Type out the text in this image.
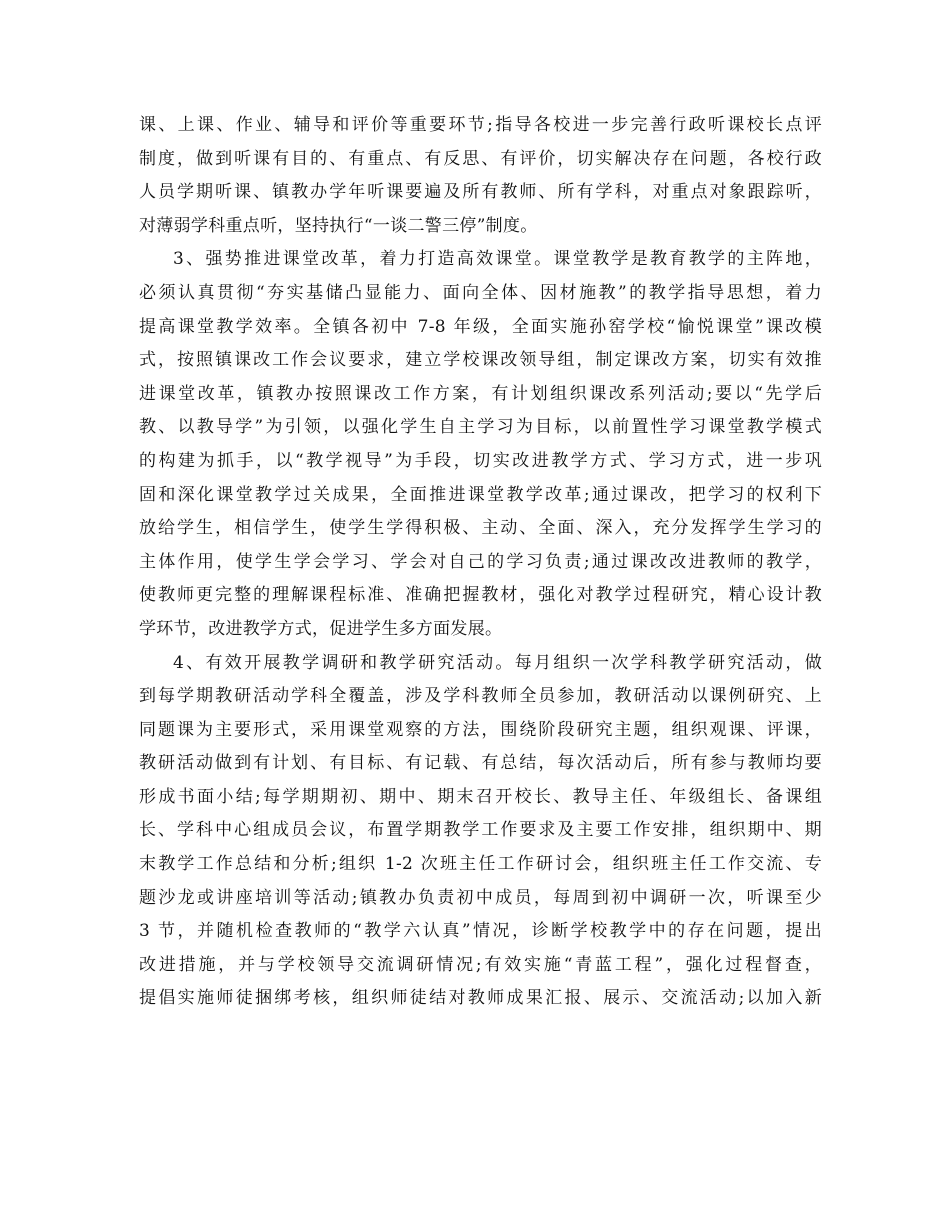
课、上课、作业、辅导和评价等重要环节;指导各校进一步完善行政听课校长点评
制度，做到听课有目的、有重点、有反思、有评价，切实解决存在问题，各校行政
人员学期听课、镇教办学年听课要遍及所有教师、所有学科，对重点对象跟踪听，
对薄弱学科重点听，坚持执行“一谈二警三停”制度。
3、强势推进课堂改革，着力打造高效课堂。课堂教学是教育教学的主阵地，
必须认真贯彻“夯实基储凸显能力、面向全体、因材施教”的教学指导思想，着力
提高课堂教学效率。全镇各初中 7-8 年级，全面实施孙窑学校“愉悦课堂”课改模
式，按照镇课改工作会议要求，建立学校课改领导组，制定课改方案，切实有效推
进课堂改革，镇教办按照课改工作方案，有计划组织课改系列活动;要以“先学后
教、以教导学”为引领，以强化学生自主学习为目标，以前置性学习课堂教学模式
的构建为抓手，以“教学视导”为手段，切实改进教学方式、学习方式，进一步巩
固和深化课堂教学过关成果，全面推进课堂教学改革;通过课改，把学习的权利下
放给学生，相信学生，使学生学得积极、主动、全面、深入，充分发挥学生学习的
主体作用，使学生学会学习、学会对自己的学习负责;通过课改改进教师的教学，
使教师更完整的理解课程标准、准确把握教材，强化对教学过程研究，精心设计教
学环节，改进教学方式，促进学生多方面发展。
4、有效开展教学调研和教学研究活动。每月组织一次学科教学研究活动，做
到每学期教研活动学科全覆盖，涉及学科教师全员参加，教研活动以课例研究、上
同题课为主要形式，采用课堂观察的方法，围绕阶段研究主题，组织观课、评课，
教研活动做到有计划、有目标、有记载、有总结，每次活动后，所有参与教师均要
形成书面小结;每学期期初、期中、期末召开校长、教导主任、年级组长、备课组
长、学科中心组成员会议，布置学期教学工作要求及主要工作安排，组织期中、期
末教学工作总结和分析;组织 1-2 次班主任工作研讨会，组织班主任工作交流、专
题沙龙或讲座培训等活动;镇教办负责初中成员，每周到初中调研一次，听课至少
3 节，并随机检查教师的“教学六认真”情况，诊断学校教学中的存在问题，提出
改进措施，并与学校领导交流调研情况;有效实施“青蓝工程”，强化过程督查，
提倡实施师徒捆绑考核，组织师徒结对教师成果汇报、展示、交流活动;以加入新
